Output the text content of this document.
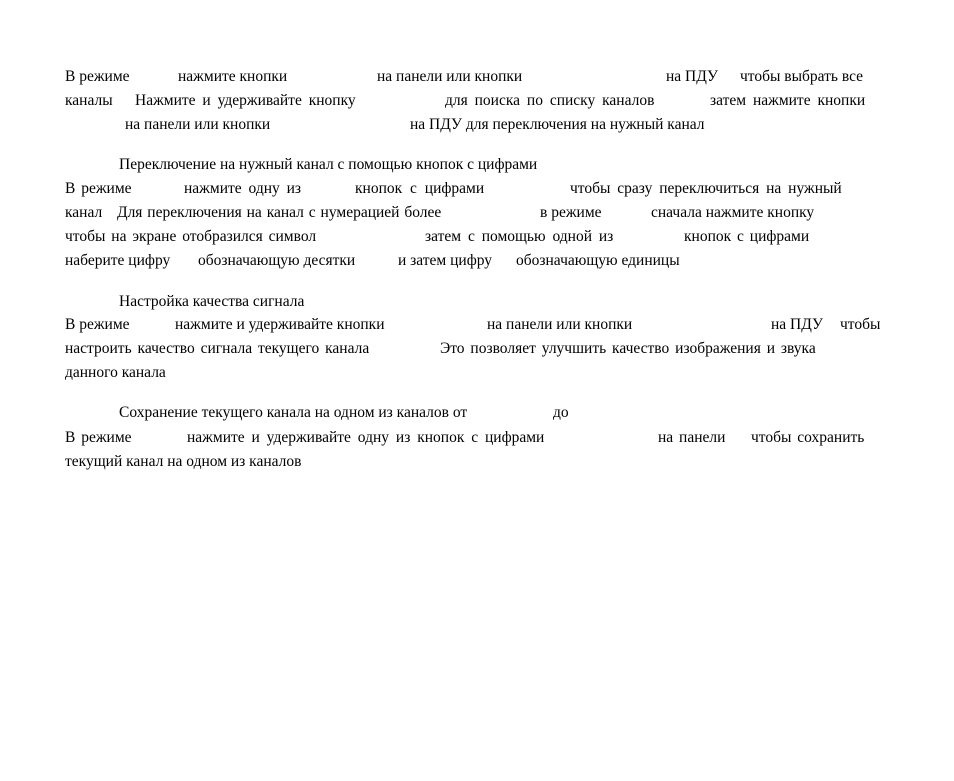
В режиме	нажмите кнопки	на панели или кнопки	на ПДУ чтобы выбрать все
каналы Нажмите и удерживайте кнопку	для поиска по списку каналов	затем нажмите кнопки
на панели или кнопки	на ПДУ для переключения на нужный канал
Переключение на нужный канал с помощью кнопок с цифрами
В режиме	нажмите одну из	кнопок с цифрами	чтобы сразу переключиться на нужный
канал Для переключения на канал с нумерацией более	в режиме	сначала нажмите кнопку
чтобы на экране отобразился символ	затем с помощью одной из	кнопок с цифрами
наберите цифру обозначающую десятки	и затем цифру обозначающую единицы
Настройка качества сигнала
В режиме	нажмите и удерживайте кнопки	на панели или кнопки	на ПДУ чтобы
настроить качество сигнала текущего канала	Это позволяет улучшить качество изображения и звука
данного канала
Сохранение текущего канала на одном из каналов от	до
В режиме	нажмите и удерживайте одну из кнопок с цифрами	на панели чтобы сохранить
текущий канал на одном из каналов
